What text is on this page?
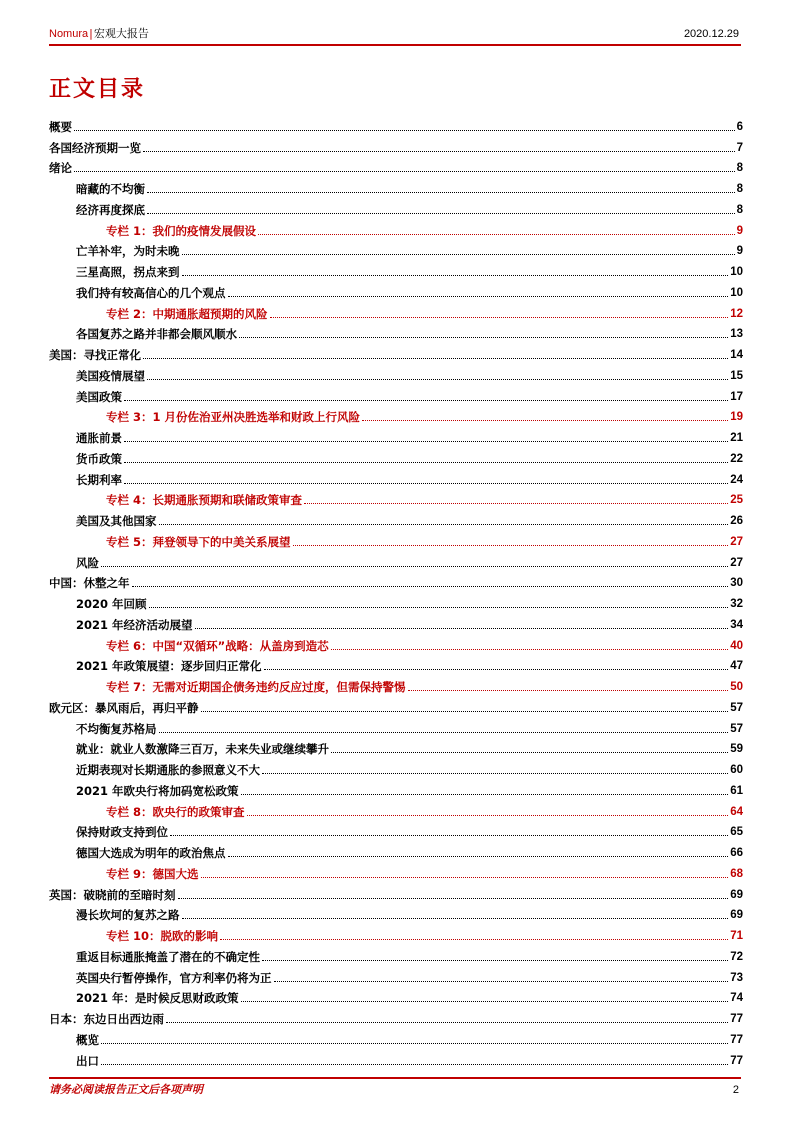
Nomura|宏观大报告	2020.12.29
正文目录
概要	6
各国经济预期一览	7
绪论	8
暗藏的不均衡	8
经济再度探底	8
专栏 1：我们的疫情发展假设	9
亡羊补牢，为时未晚	9
三星高照，拐点来到	10
我们持有较高信心的几个观点	10
专栏 2：中期通胀超预期的风险	12
各国复苏之路并非都会顺风顺水	13
美国：寻找正常化	14
美国疫情展望	15
美国政策	17
专栏 3：1 月份佐治亚州决胜选举和财政上行风险	19
通胀前景	21
货币政策	22
长期利率	24
专栏 4：长期通胀预期和联储政策审查	25
美国及其他国家	26
专栏 5：拜登领导下的中美关系展望	27
风险	27
中国：休整之年	30
2020 年回顾	32
2021 年经济活动展望	34
专栏 6：中国“双循环”战略：从盖房到造芯	40
2021 年政策展望：逐步回归正常化	47
专栏 7：无需对近期国企债务违约反应过度，但需保持警惕	50
欧元区：暴风雨后，再归平静	57
不均衡复苏格局	57
就业：就业人数激降三百万，未来失业或继续攀升	59
近期表现对长期通胀的参照意义不大	60
2021 年欧央行将加码宽松政策	61
专栏 8：欧央行的政策审查	64
保持财政支持到位	65
德国大选成为明年的政治焦点	66
专栏 9：德国大选	68
英国：破晓前的至暗时刻	69
漫长坎坷的复苏之路	69
专栏 10：脱欧的影响	71
重返目标通胀掩盖了潜在的不确定性	72
英国央行暂停操作，官方利率仍将为正	73
2021 年：是时候反思财政政策	74
日本：东边日出西边雨	77
概览	77
出口	77
请务必阅读报告正文后各项声明	2
